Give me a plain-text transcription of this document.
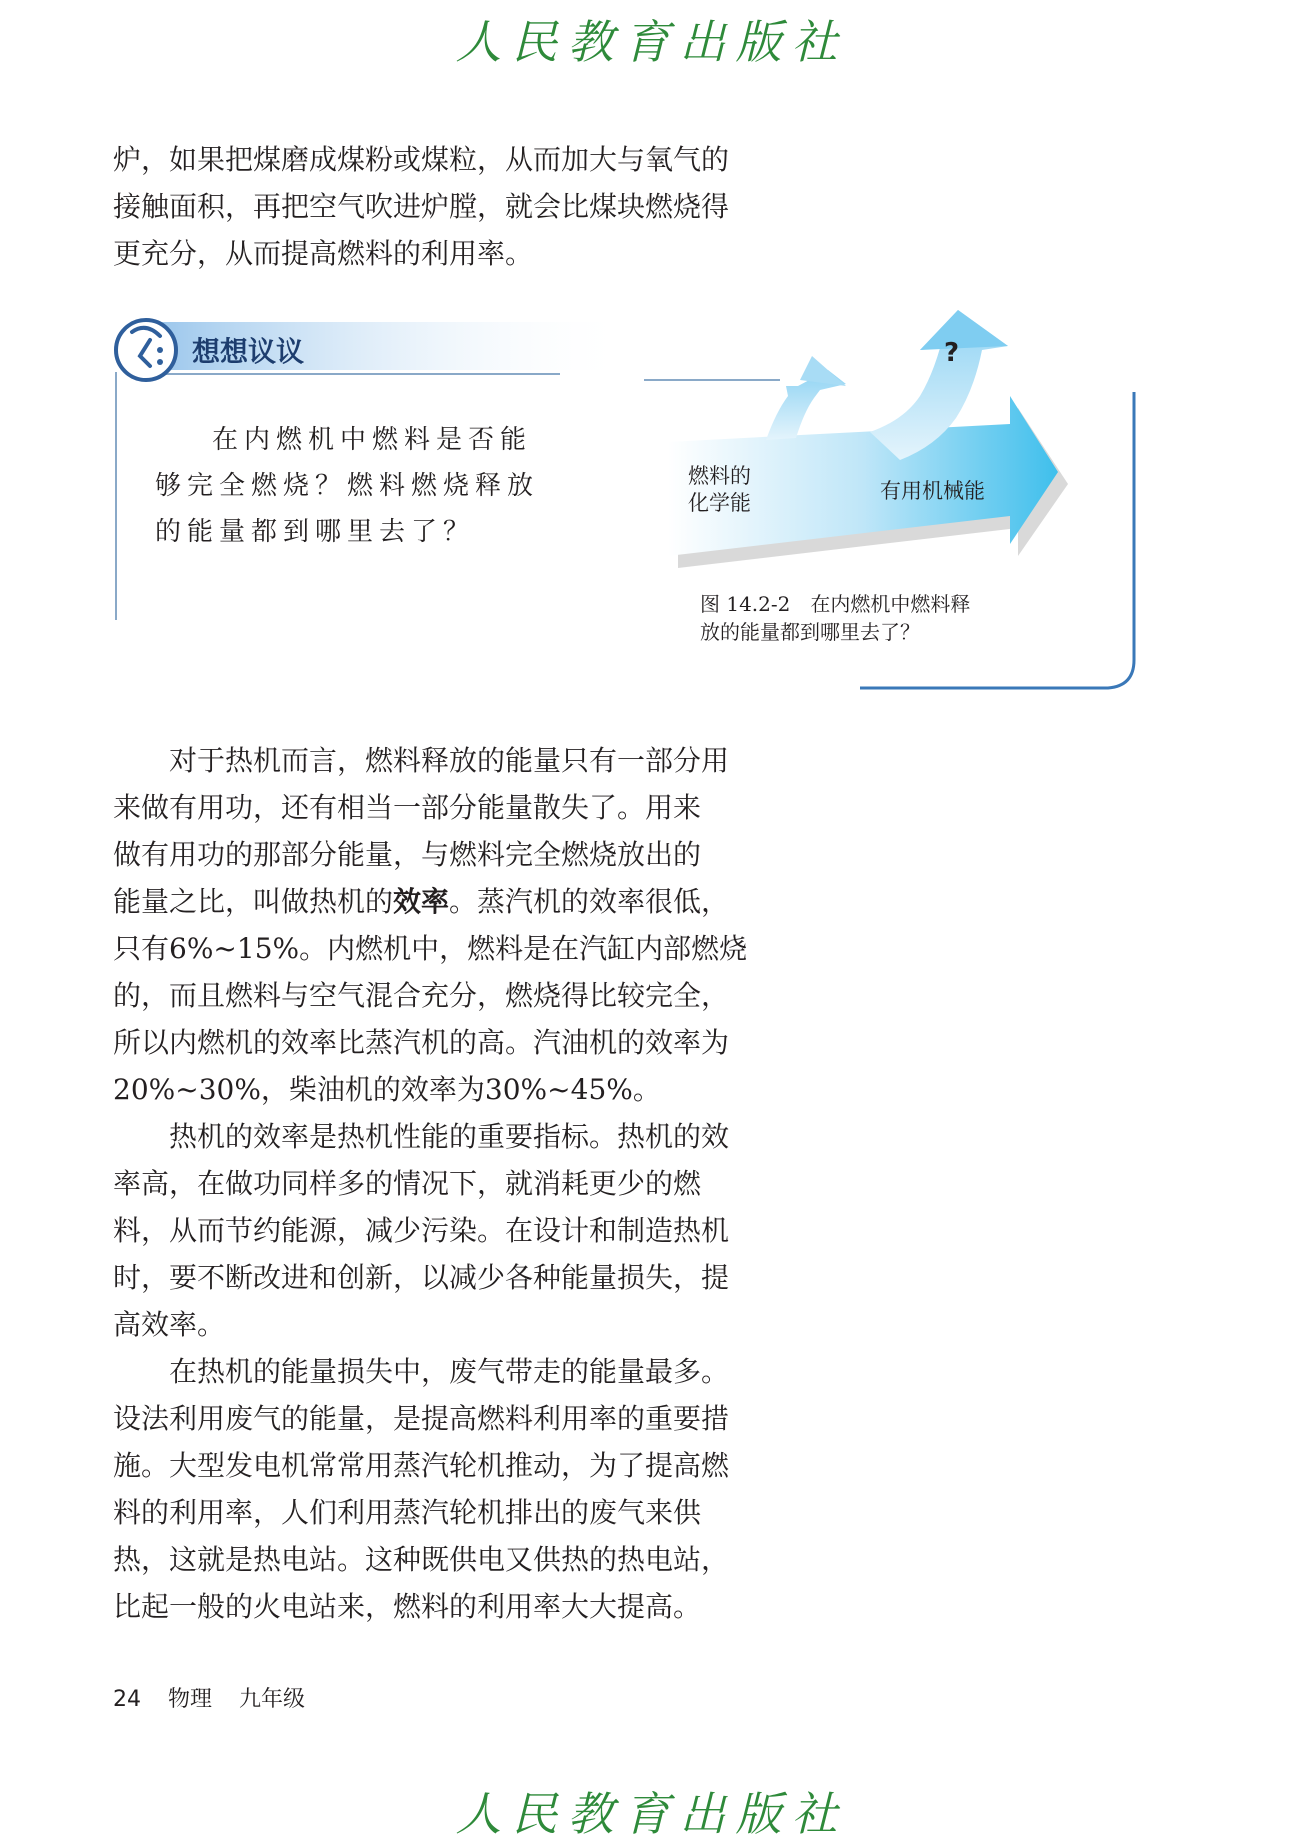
人民教育出版社
炉，如果把煤磨成煤粉或煤粒，从而加大与氧气的
接触面积，再把空气吹进炉膛，就会比煤块燃烧得
更充分，从而提高燃料的利用率。
想想议议
在内燃机中燃料是否能
够完全燃烧？燃料燃烧释放
的能量都到哪里去了？
燃料的
化学能	有用机械能
?
图 14.2-2　在内燃机中燃料释
放的能量都到哪里去了？
对于热机而言，燃料释放的能量只有一部分用
来做有用功，还有相当一部分能量散失了。用来
做有用功的那部分能量，与燃料完全燃烧放出的
能量之比，叫做热机的效率。蒸汽机的效率很低，
只有6%~15%。内燃机中，燃料是在汽缸内部燃烧
的，而且燃料与空气混合充分，燃烧得比较完全，
所以内燃机的效率比蒸汽机的高。汽油机的效率为
20%~30%，柴油机的效率为30%~45%。
热机的效率是热机性能的重要指标。热机的效
率高，在做功同样多的情况下，就消耗更少的燃
料，从而节约能源，减少污染。在设计和制造热机
时，要不断改进和创新，以减少各种能量损失，提
高效率。
在热机的能量损失中，废气带走的能量最多。
设法利用废气的能量，是提高燃料利用率的重要措
施。大型发电机常常用蒸汽轮机推动，为了提高燃
料的利用率，人们利用蒸汽轮机排出的废气来供
热，这就是热电站。这种既供电又供热的热电站，
比起一般的火电站来，燃料的利用率大大提高。
24 物理 九年级
人民教育出版社
